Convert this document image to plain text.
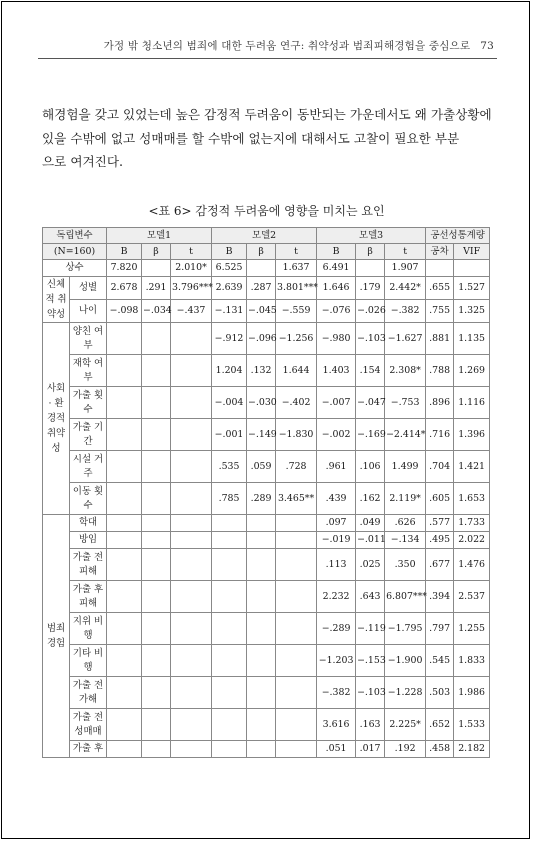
가정 밖 청소년의 범죄에 대한 두려움 연구: 취약성과 범죄피해경험을 중심으로 73
해경험을 갖고 있었는데 높은 감정적 두려움이 동반되는 가운데서도 왜 가출상황에
있을 수밖에 없고 성매매를 할 수밖에 없는지에 대해서도 고찰이 필요한 부분
으로 여겨진다.
<표 6> 감정적 두려움에 영향을 미치는 요인
독립변수		모델1			모델2			모델3			공선성통계량	
(N=160)		B	β	t	B	β	t	B	β	t	공차	VIF
상수		7.820		2.010*	6.525		1.637	6.491		1.907		
신체적 취약성	성별	2.678	.291	3.796***	2.639	.287	3.801***	1.646	.179	2.442*	.655	1.527
	나이	−.098	−.034	−.437	−.131	−.045	−.559	−.076	−.026	−.382	.755	1.325
사회 · 환경적 취약성	양친 여부				−.912	−.096	−1.256	−.980	−.103	−1.627	.881	1.135
	재학 여부				1.204	.132	1.644	1.403	.154	2.308*	.788	1.269
	가출 횟수				−.004	−.030	−.402	−.007	−.047	−.753	.896	1.116
	가출 기간				−.001	−.149	−1.830	−.002	−.169	−2.414*	.716	1.396
	시설 거주				.535	.059	.728	.961	.106	1.499	.704	1.421
	이동 횟수				.785	.289	3.465**	.439	.162	2.119*	.605	1.653
범죄 경험	학대							.097	.049	.626	.577	1.733
	방임							−.019	−.011	−.134	.495	2.022
	가출 전 피해							.113	.025	.350	.677	1.476
	가출 후 피해							2.232	.643	6.807***	.394	2.537
	지위 비행							−.289	−.119	−1.795	.797	1.255
	기타 비행							−1.203	−.153	−1.900	.545	1.833
	가출 전 가해							−.382	−.103	−1.228	.503	1.986
	가출 전 성매매							3.616	.163	2.225*	.652	1.533
	가출 후							.051	.017	.192	.458	2.182
